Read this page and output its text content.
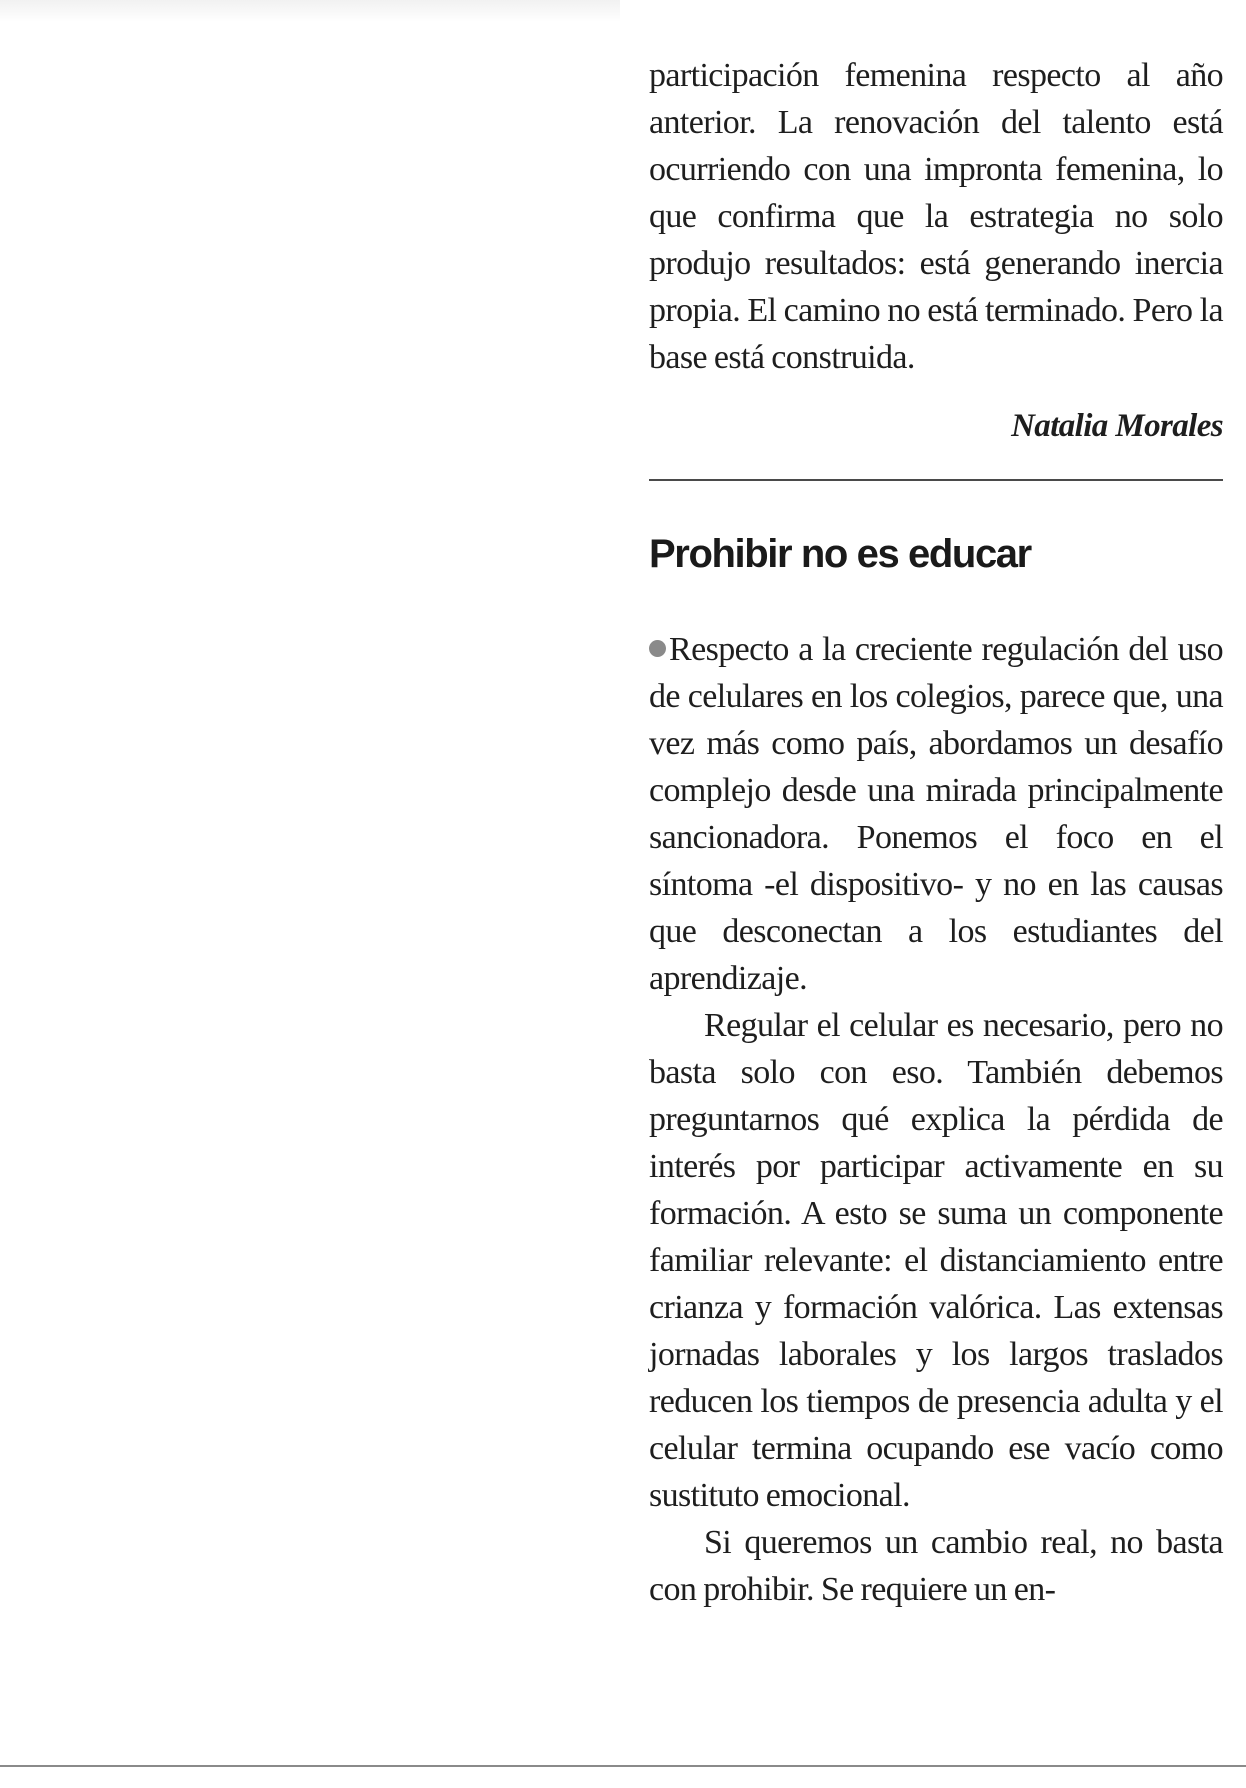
participación femenina respecto al año anterior. La renovación del talento está ocurriendo con una impronta femenina, lo que confirma que la estrategia no solo produjo resultados: está generando inercia propia. El camino no está terminado. Pero la base está construida.

Natalia Morales

Prohibir no es educar

Respecto a la creciente regulación del uso de celulares en los colegios, parece que, una vez más como país, abordamos un desafío complejo desde una mirada principalmente sancionadora. Ponemos el foco en el síntoma -el dispositivo- y no en las causas que desconectan a los estudiantes del aprendizaje.

Regular el celular es necesario, pero no basta solo con eso. También debemos preguntarnos qué explica la pérdida de interés por participar activamente en su formación. A esto se suma un componente familiar relevante: el distanciamiento entre crianza y formación valórica. Las extensas jornadas laborales y los largos traslados reducen los tiempos de presencia adulta y el celular termina ocupando ese vacío como sustituto emocional.

Si queremos un cambio real, no basta con prohibir. Se requiere un en-
